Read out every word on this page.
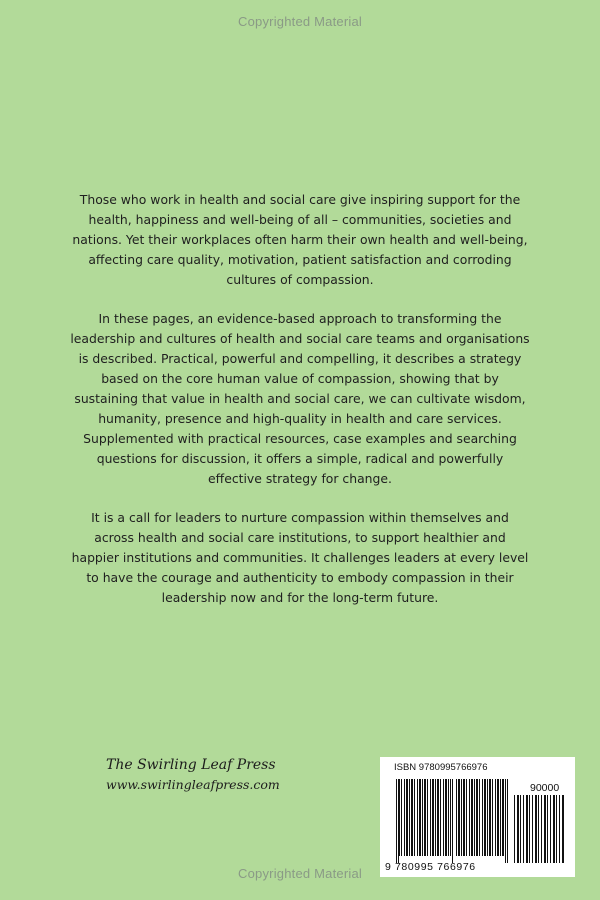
Copyrighted Material

Those who work in health and social care give inspiring support for the health, happiness and well-being of all – communities, societies and nations. Yet their workplaces often harm their own health and well-being, affecting care quality, motivation, patient satisfaction and corroding cultures of compassion.

In these pages, an evidence-based approach to transforming the leadership and cultures of health and social care teams and organisations is described. Practical, powerful and compelling, it describes a strategy based on the core human value of compassion, showing that by sustaining that value in health and social care, we can cultivate wisdom, humanity, presence and high-quality in health and care services. Supplemented with practical resources, case examples and searching questions for discussion, it offers a simple, radical and powerfully effective strategy for change.

It is a call for leaders to nurture compassion within themselves and across health and social care institutions, to support healthier and happier institutions and communities. It challenges leaders at every level to have the courage and authenticity to embody compassion in their leadership now and for the long-term future.

The Swirling Leaf Press
www.swirlingleafpress.com
ISBN 9780995766976
90000
9 780995 766976
Copyrighted Material
